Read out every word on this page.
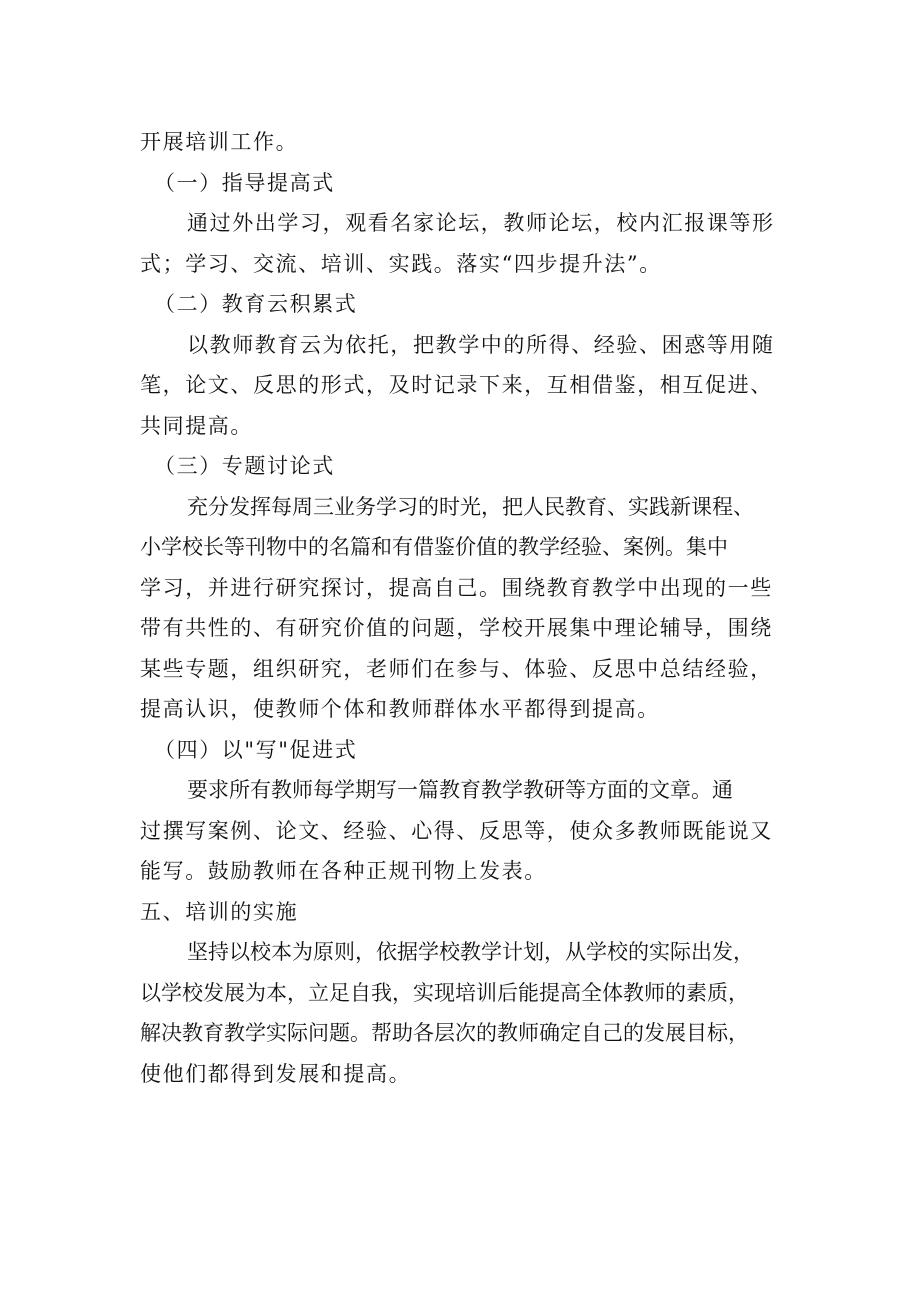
开展培训工作。
（一）指导提高式
通过外出学习，观看名家论坛，教师论坛，校内汇报课等形
式；学习、交流、培训、实践。落实“四步提升法”。
（二）教育云积累式
以教师教育云为依托，把教学中的所得、经验、困惑等用随
笔，论文、反思的形式，及时记录下来，互相借鉴，相互促进、
共同提高。
（三）专题讨论式
充分发挥每周三业务学习的时光，把人民教育、实践新课程、
小学校长等刊物中的名篇和有借鉴价值的教学经验、案例。集中
学习，并进行研究探讨，提高自己。围绕教育教学中出现的一些
带有共性的、有研究价值的问题，学校开展集中理论辅导，围绕
某些专题，组织研究，老师们在参与、体验、反思中总结经验，
提高认识，使教师个体和教师群体水平都得到提高。
（四）以"写"促进式
要求所有教师每学期写一篇教育教学教研等方面的文章。通
过撰写案例、论文、经验、心得、反思等，使众多教师既能说又
能写。鼓励教师在各种正规刊物上发表。
五、培训的实施
坚持以校本为原则，依据学校教学计划，从学校的实际出发，
以学校发展为本，立足自我，实现培训后能提高全体教师的素质，
解决教育教学实际问题。帮助各层次的教师确定自己的发展目标，
使他们都得到发展和提高。
